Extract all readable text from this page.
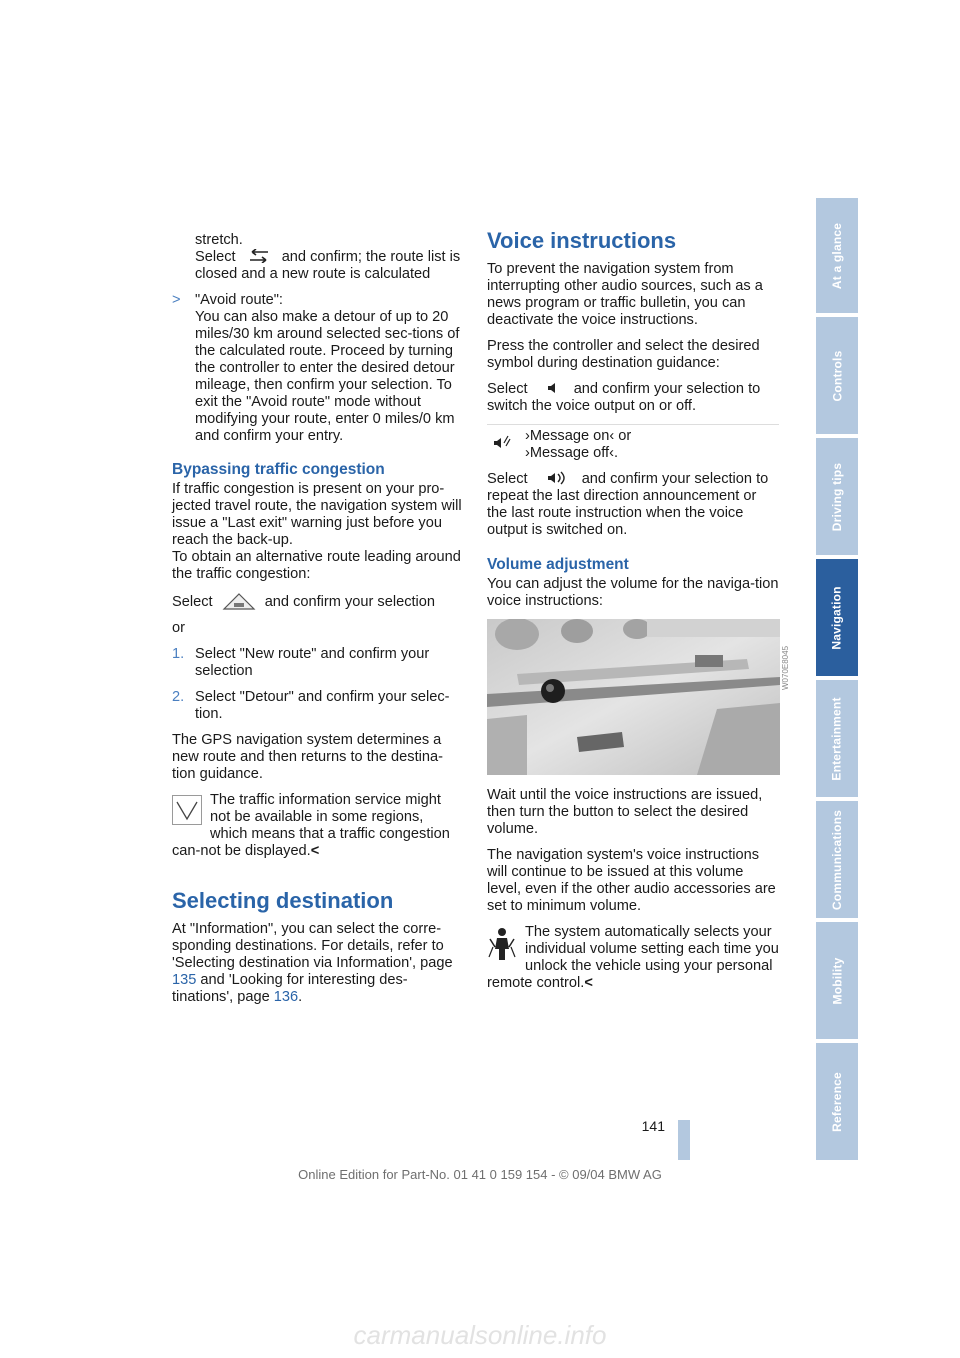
stretch.
Select	and confirm; the route list is closed and a new route is calculated
> "Avoid route":
You can also make a detour of up to 20 miles/30 km around selected sec-tions of the calculated route. Proceed by turning the controller to enter the desired detour mileage, then confirm your selection. To exit the "Avoid route" mode without modifying your route, enter 0 miles/0 km and confirm your entry.
Bypassing traffic congestion

If traffic congestion is present on your pro-jected travel route, the navigation system will issue a "Last exit" warning just before you reach the back-up.

To obtain an alternative route leading around the traffic congestion:

Select	and confirm your selection

or

1. Select "New route" and confirm your selection
2. Select "Detour" and confirm your selec-tion.

The GPS navigation system determines a new route and then returns to the destina-tion guidance.

The traffic information service might not be available in some regions, which means that a traffic congestion can-not be displayed.<
Selecting destination

At "Information", you can select the corre-sponding destinations. For details, refer to 'Selecting destination via Information', page 135 and 'Looking for interesting des-tinations', page 136.

Voice instructions

To prevent the navigation system from interrupting other audio sources, such as a news program or traffic bulletin, you can deactivate the voice instructions.

Press the controller and select the desired symbol during destination guidance:

Select	and confirm your selection to switch the voice output on or off.

›Message on‹ or
›Message off‹.

Select	and confirm your selection to repeat the last direction announcement or the last route instruction when the voice output is switched on.

Volume adjustment

You can adjust the volume for the naviga-tion voice instructions:

Wait until the voice instructions are issued, then turn the button to select the desired volume.

The navigation system's voice instructions will continue to be issued at this volume level, even if the other audio accessories are set to minimum volume.

The system automatically selects your individual volume setting each time you unlock the vehicle using your personal remote control.<
W070E8045
At a glance
Controls
Driving tips
Navigation
Entertainment
Communications
Mobility
Reference
141
Online Edition for Part-No. 01 41 0 159 154 - © 09/04 BMW AG
carmanualsonline.info
